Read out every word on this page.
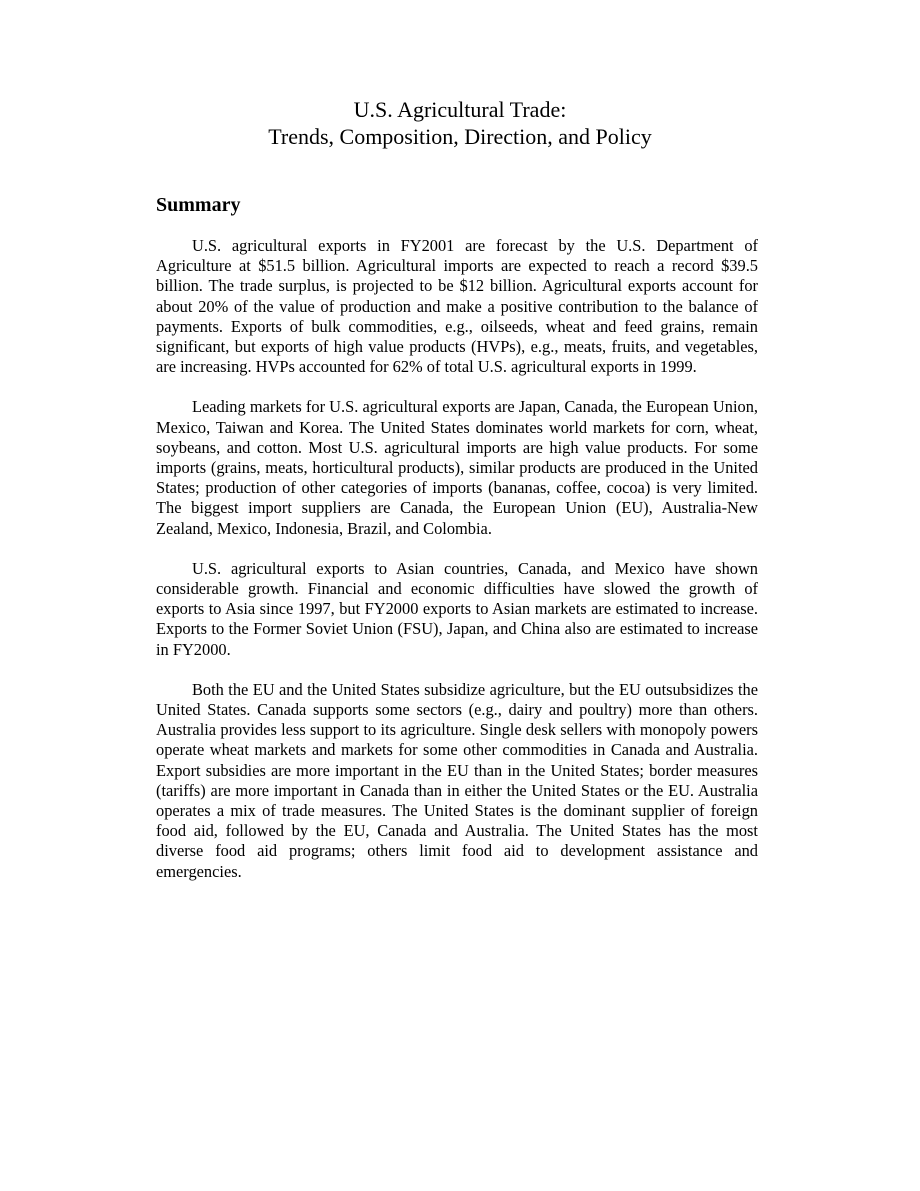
U.S. Agricultural Trade:
Trends, Composition, Direction, and Policy
Summary

U.S. agricultural exports in FY2001 are forecast by the U.S. Department of Agriculture at $51.5 billion. Agricultural imports are expected to reach a record $39.5 billion. The trade surplus, is projected to be $12 billion. Agricultural exports account for about 20% of the value of production and make a positive contribution to the balance of payments. Exports of bulk commodities, e.g., oilseeds, wheat and feed grains, remain significant, but exports of high value products (HVPs), e.g., meats, fruits, and vegetables, are increasing. HVPs accounted for 62% of total U.S. agricultural exports in 1999.

Leading markets for U.S. agricultural exports are Japan, Canada, the European Union, Mexico, Taiwan and Korea. The United States dominates world markets for corn, wheat, soybeans, and cotton. Most U.S. agricultural imports are high value products. For some imports (grains, meats, horticultural products), similar products are produced in the United States; production of other categories of imports (bananas, coffee, cocoa) is very limited. The biggest import suppliers are Canada, the European Union (EU), Australia-New Zealand, Mexico, Indonesia, Brazil, and Colombia.

U.S. agricultural exports to Asian countries, Canada, and Mexico have shown considerable growth. Financial and economic difficulties have slowed the growth of exports to Asia since 1997, but FY2000 exports to Asian markets are estimated to increase. Exports to the Former Soviet Union (FSU), Japan, and China also are estimated to increase in FY2000.

Both the EU and the United States subsidize agriculture, but the EU outsubsidizes the United States. Canada supports some sectors (e.g., dairy and poultry) more than others. Australia provides less support to its agriculture. Single desk sellers with monopoly powers operate wheat markets and markets for some other commodities in Canada and Australia. Export subsidies are more important in the EU than in the United States; border measures (tariffs) are more important in Canada than in either the United States or the EU. Australia operates a mix of trade measures. The United States is the dominant supplier of foreign food aid, followed by the EU, Canada and Australia. The United States has the most diverse food aid programs; others limit food aid to development assistance and emergencies.
